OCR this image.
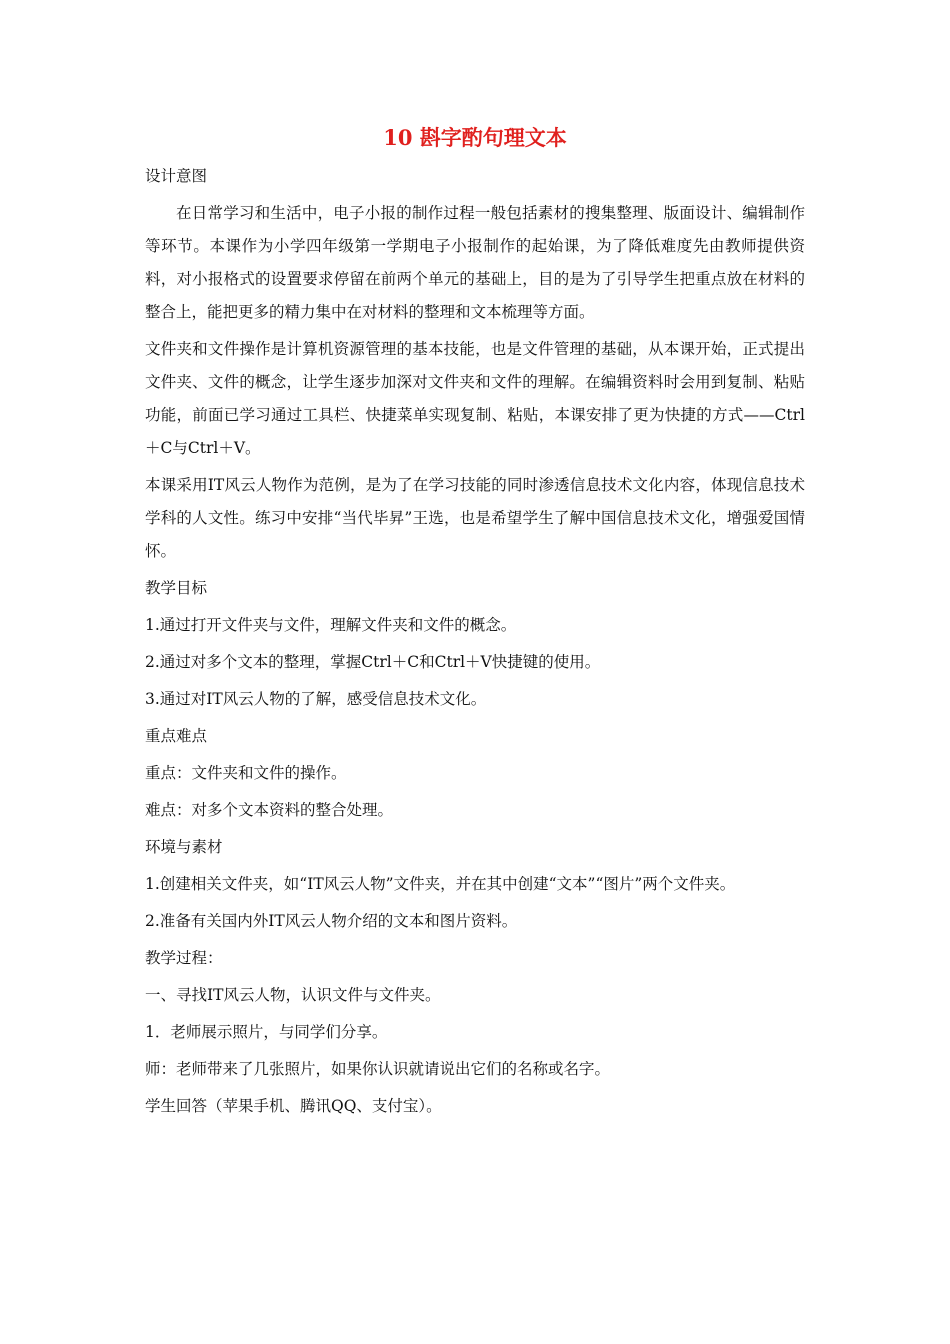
10 斟字酌句理文本

设计意图

在日常学习和生活中，电子小报的制作过程一般包括素材的搜集整理、版面设计、编辑制作等环节。本课作为小学四年级第一学期电子小报制作的起始课，为了降低难度先由教师提供资料，对小报格式的设置要求停留在前两个单元的基础上，目的是为了引导学生把重点放在材料的整合上，能把更多的精力集中在对材料的整理和文本梳理等方面。

文件夹和文件操作是计算机资源管理的基本技能，也是文件管理的基础，从本课开始，正式提出文件夹、文件的概念，让学生逐步加深对文件夹和文件的理解。在编辑资料时会用到复制、粘贴功能，前面已学习通过工具栏、快捷菜单实现复制、粘贴，本课安排了更为快捷的方式——Ctrl＋C与Ctrl＋V。

本课采用IT风云人物作为范例，是为了在学习技能的同时渗透信息技术文化内容，体现信息技术学科的人文性。练习中安排“当代毕昇”王选，也是希望学生了解中国信息技术文化，增强爱国情怀。

教学目标

1.通过打开文件夹与文件，理解文件夹和文件的概念。

2.通过对多个文本的整理，掌握Ctrl＋C和Ctrl＋V快捷键的使用。

3.通过对IT风云人物的了解，感受信息技术文化。

重点难点

重点：文件夹和文件的操作。

难点：对多个文本资料的整合处理。

环境与素材

1.创建相关文件夹，如“IT风云人物”文件夹，并在其中创建“文本”“图片”两个文件夹。

2.准备有关国内外IT风云人物介绍的文本和图片资料。

教学过程：

一、寻找IT风云人物，认识文件与文件夹。

1．老师展示照片，与同学们分享。

师：老师带来了几张照片，如果你认识就请说出它们的名称或名字。

学生回答（苹果手机、腾讯QQ、支付宝）。
